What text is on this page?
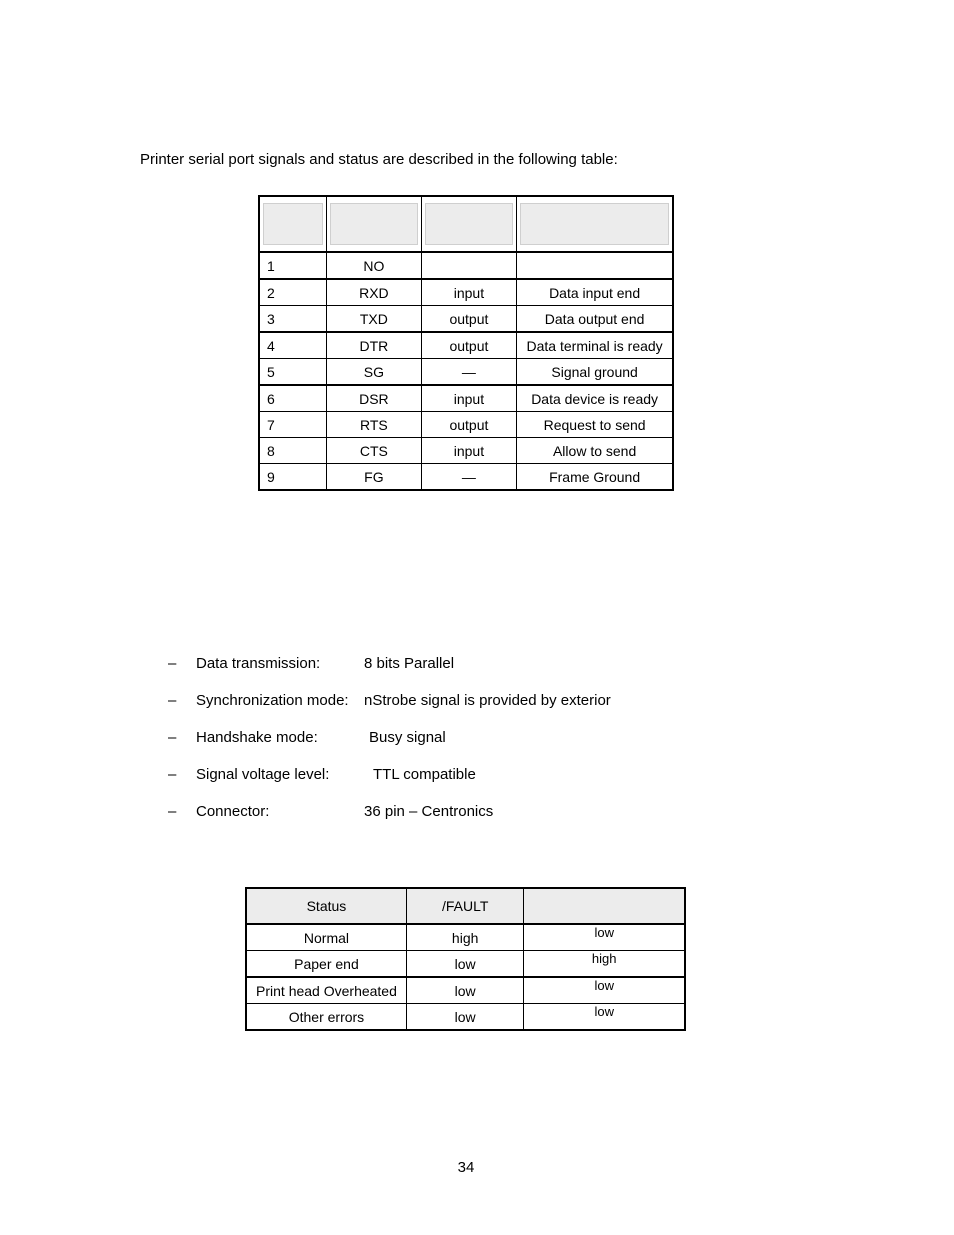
Printer serial port signals and status are described in the following table:

1	NO		
2	RXD	input	Data input end
3	TXD	output	Data output end
4	DTR	output	Data terminal is ready
5	SG	—	Signal ground
6	DSR	input	Data device is ready
7	RTS	output	Request to send
8	CTS	input	Allow to send
9	FG	—	Frame Ground
– Data transmission:	8 bits Parallel
– Synchronization mode: nStrobe signal is provided by exterior
– Handshake mode:	Busy signal
– Signal voltage level:	TTL compatible
– Connector:	36 pin – Centronics
Status	/FAULT	
Normal	high	low
Paper end	low	high
Print head Overheated	low	low
Other errors	low	low

34
